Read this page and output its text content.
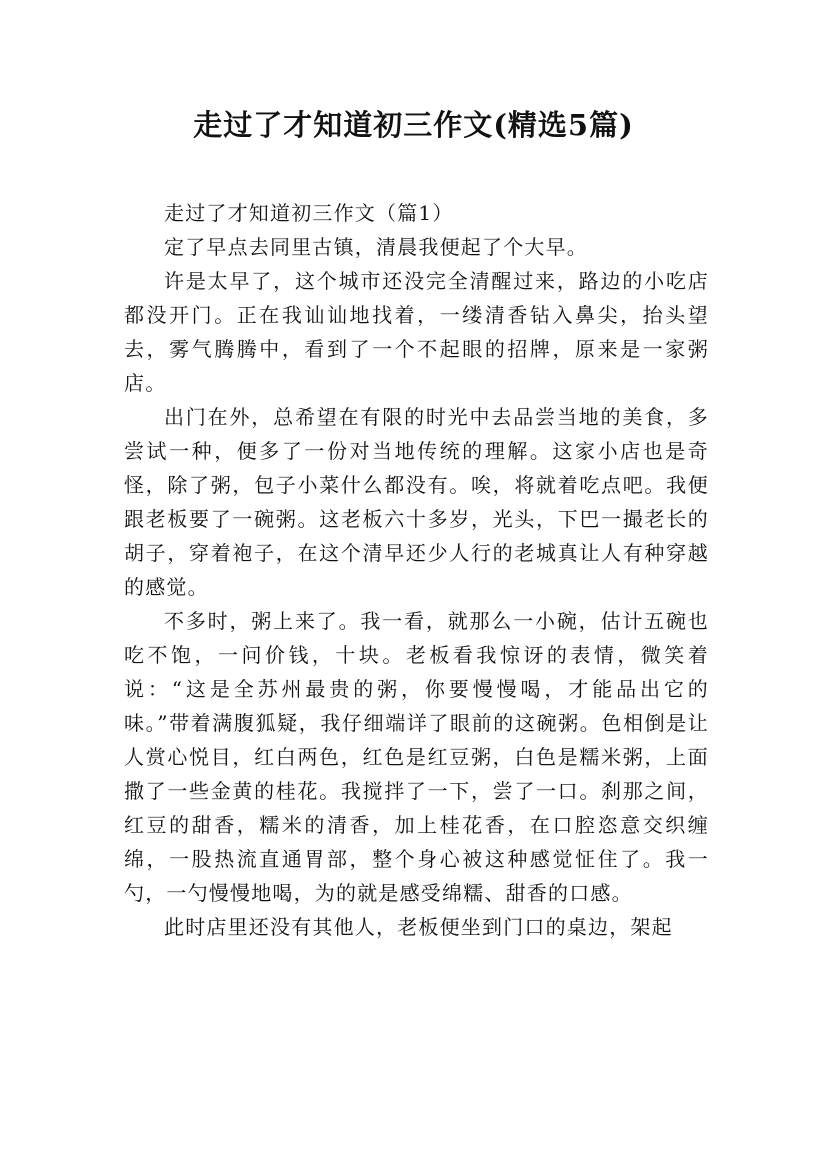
走过了才知道初三作文(精选5篇)

走过了才知道初三作文（篇1）

定了早点去同里古镇，清晨我便起了个大早。

许是太早了，这个城市还没完全清醒过来，路边的小吃店都没开门。正在我讪讪地找着，一缕清香钻入鼻尖，抬头望去，雾气腾腾中，看到了一个不起眼的招牌，原来是一家粥店。

出门在外，总希望在有限的时光中去品尝当地的美食，多尝试一种，便多了一份对当地传统的理解。这家小店也是奇怪，除了粥，包子小菜什么都没有。唉，将就着吃点吧。我便跟老板要了一碗粥。这老板六十多岁，光头，下巴一撮老长的胡子，穿着袍子，在这个清早还少人行的老城真让人有种穿越的感觉。

不多时，粥上来了。我一看，就那么一小碗，估计五碗也吃不饱，一问价钱，十块。老板看我惊讶的表情，微笑着说：“这是全苏州最贵的粥，你要慢慢喝，才能品出它的味。”带着满腹狐疑，我仔细端详了眼前的这碗粥。色相倒是让人赏心悦目，红白两色，红色是红豆粥，白色是糯米粥，上面撒了一些金黄的桂花。我搅拌了一下，尝了一口。刹那之间，红豆的甜香，糯米的清香，加上桂花香，在口腔恣意交织缠绵，一股热流直通胃部，整个身心被这种感觉怔住了。我一勺，一勺慢慢地喝，为的就是感受绵糯、甜香的口感。

此时店里还没有其他人，老板便坐到门口的桌边，架起
